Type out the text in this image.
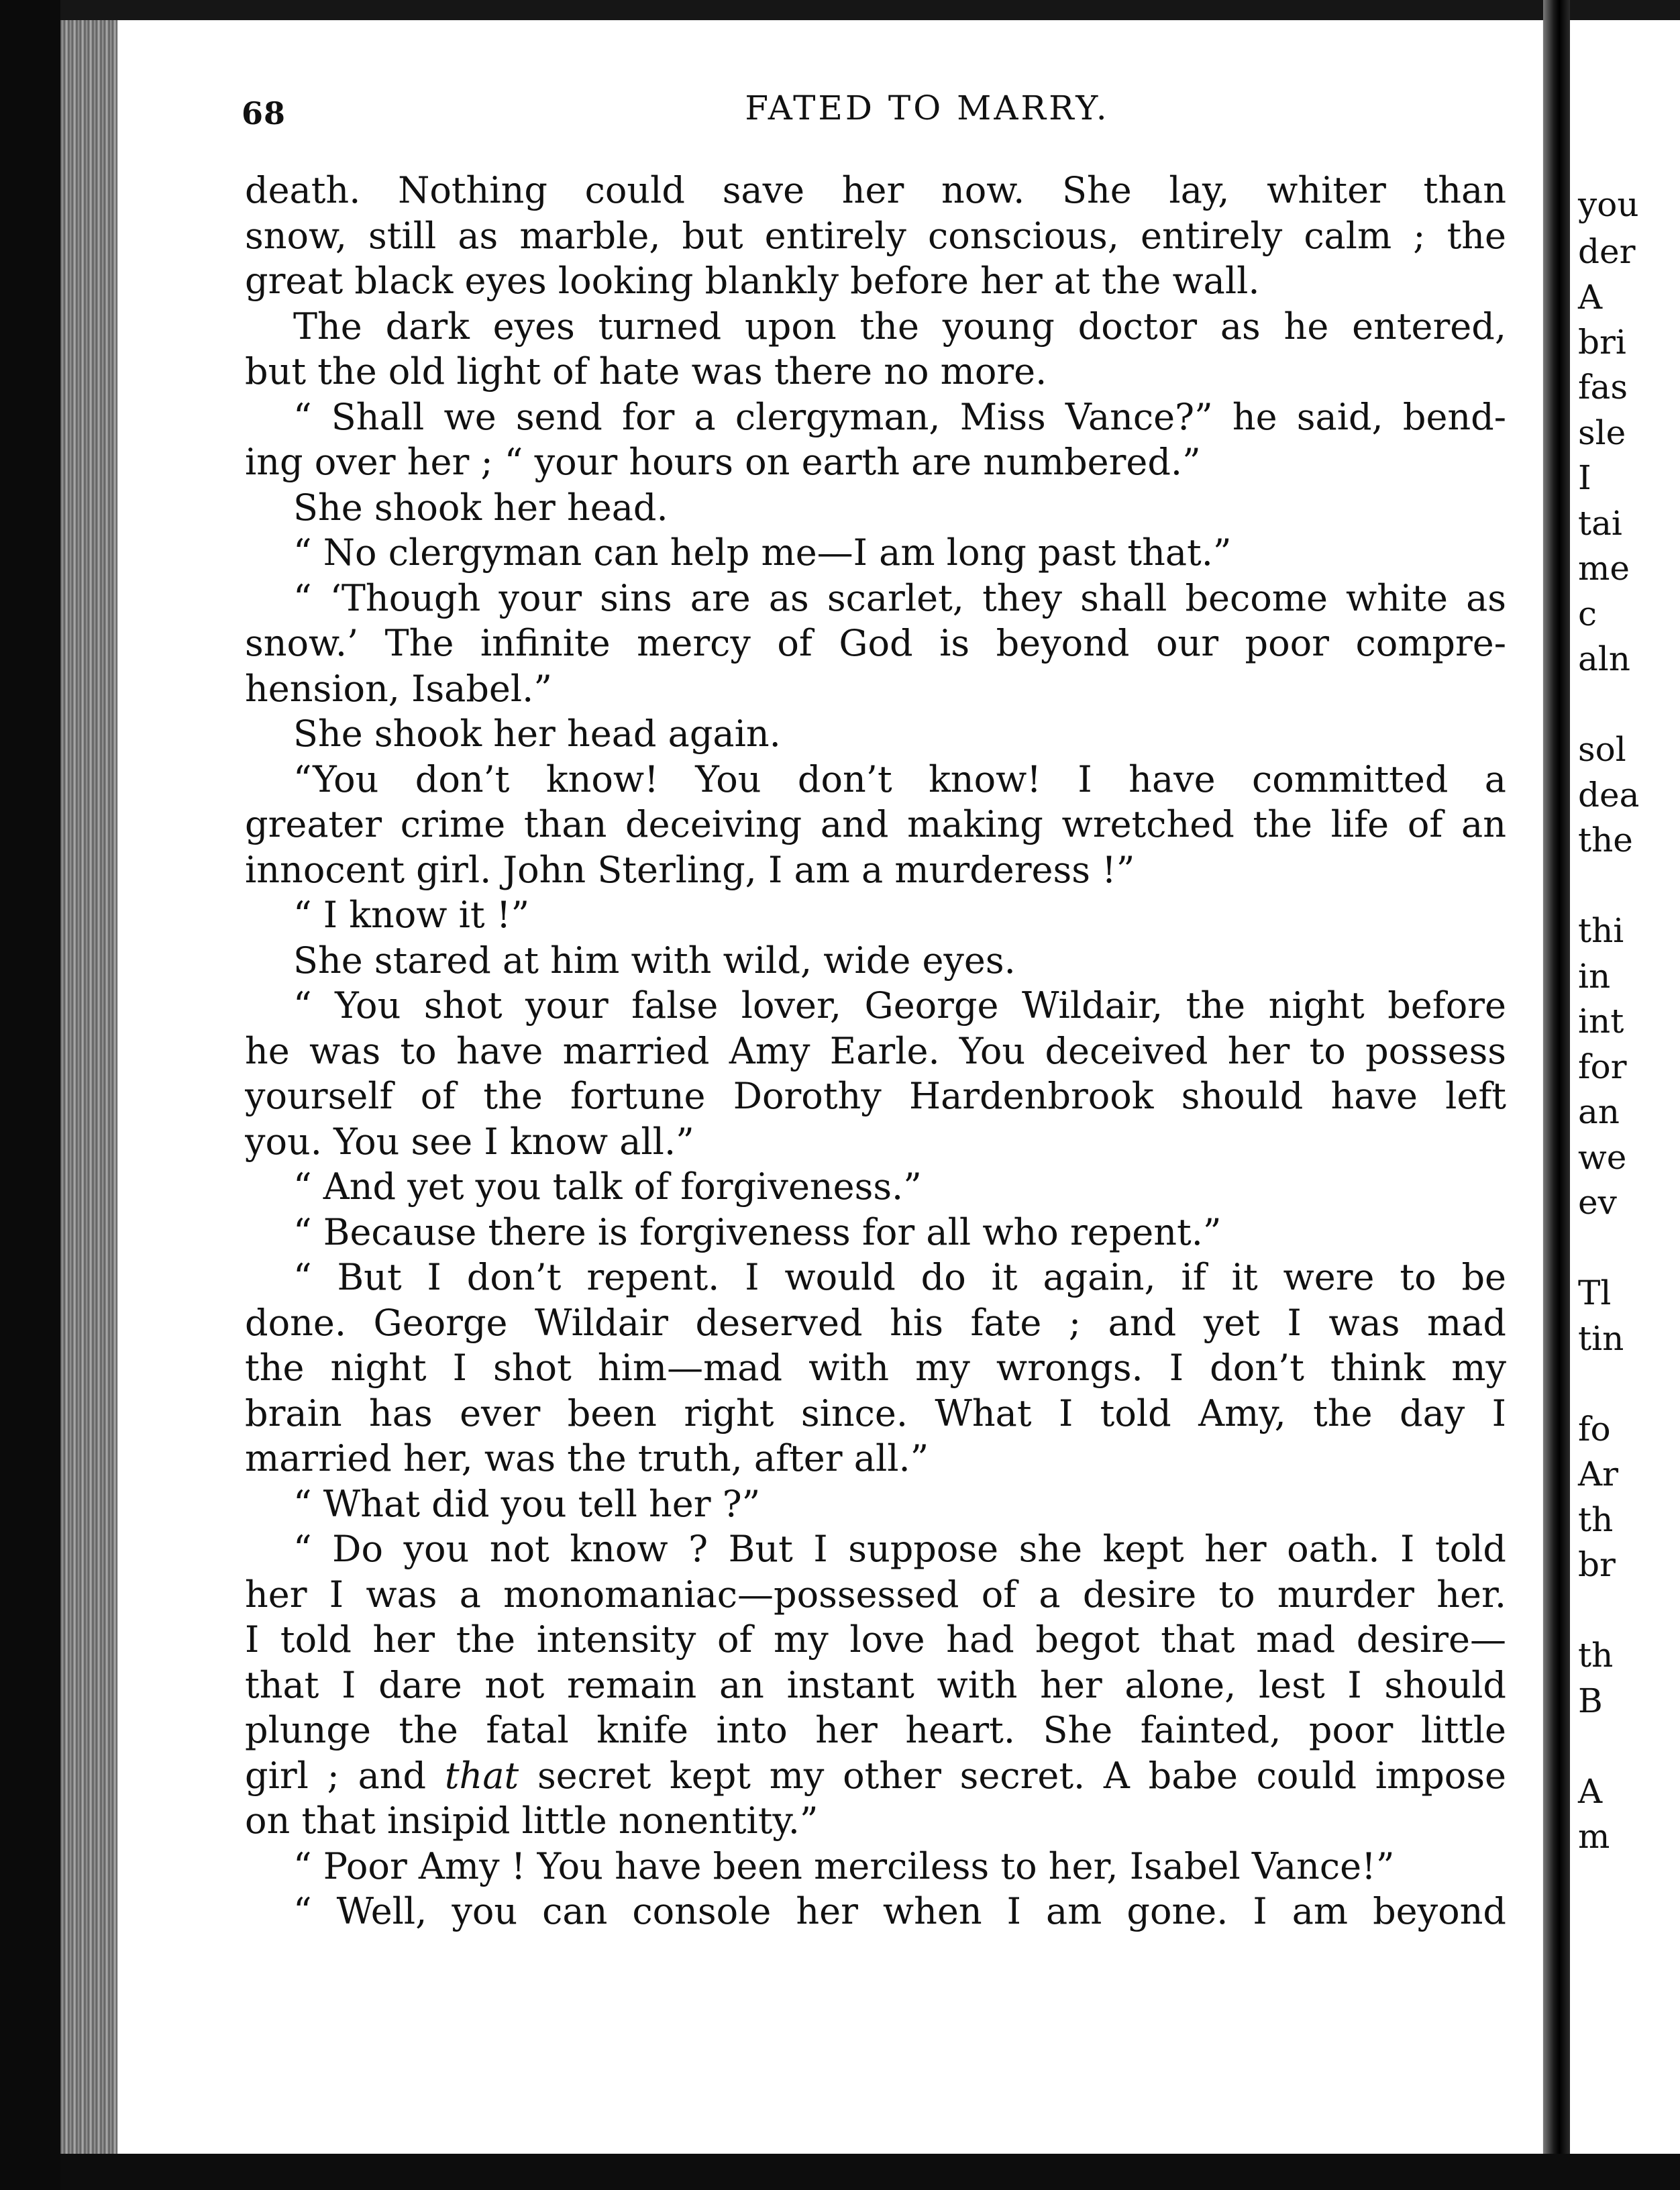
68	FATED TO MARRY.
death. Nothing could save her now. She lay, whiter than
snow, still as marble, but entirely conscious, entirely calm ; the
great black eyes looking blankly before her at the wall.
The dark eyes turned upon the young doctor as he entered,
but the old light of hate was there no more.
“ Shall we send for a clergyman, Miss Vance?” he said, bend-
ing over her ; “ your hours on earth are numbered.”
She shook her head.
“ No clergyman can help me—I am long past that.”
“ ‘Though your sins are as scarlet, they shall become white as
snow.’ The infinite mercy of God is beyond our poor compre-
hension, Isabel.”
She shook her head again.
“You don’t know! You don’t know! I have committed a
greater crime than deceiving and making wretched the life of an
innocent girl. John Sterling, I am a murderess !”
“ I know it !”
She stared at him with wild, wide eyes.
“ You shot your false lover, George Wildair, the night before
he was to have married Amy Earle. You deceived her to possess
yourself of the fortune Dorothy Hardenbrook should have left
you. You see I know all.”
“ And yet you talk of forgiveness.”
“ Because there is forgiveness for all who repent.”
“ But I don’t repent. I would do it again, if it were to be
done. George Wildair deserved his fate ; and yet I was mad
the night I shot him—mad with my wrongs. I don’t think my
brain has ever been right since. What I told Amy, the day I
married her, was the truth, after all.”
“ What did you tell her ?”
“ Do you not know ? But I suppose she kept her oath. I told
her I was a monomaniac—possessed of a desire to murder her.
I told her the intensity of my love had begot that mad desire—
that I dare not remain an instant with her alone, lest I should
plunge the fatal knife into her heart. She fainted, poor little
girl ; and that secret kept my other secret. A babe could impose
on that insipid little nonentity.”
“ Poor Amy ! You have been merciless to her, Isabel Vance!”
“ Well, you can console her when I am gone. I am beyond
you
der
A
bri
fas
sle
I
tai
me
c
aln
sol
dea
the
thi
in
int
for
an
we
ev
Tl
tin
fo
Ar
th
br
th
B
A
m
